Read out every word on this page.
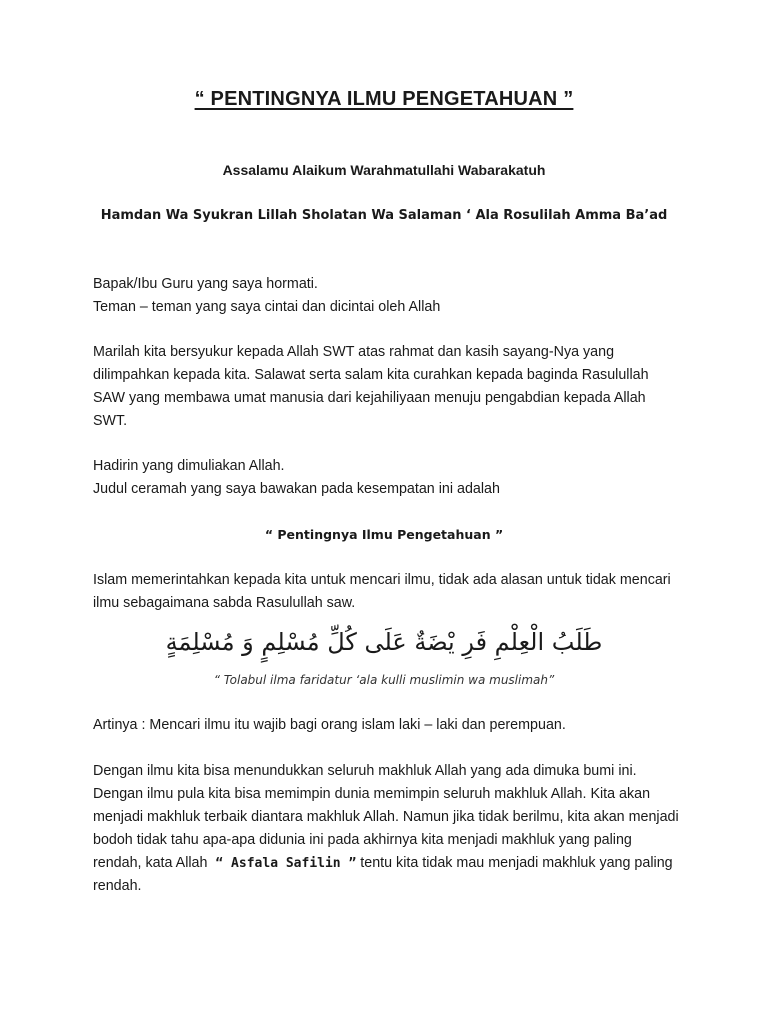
“ PENTINGNYA ILMU PENGETAHUAN ”
Assalamu Alaikum Warahmatullahi Wabarakatuh
Hamdan Wa Syukran Lillah Sholatan Wa Salaman ‘ Ala Rosulilah Amma Ba’ad
Bapak/Ibu Guru yang saya hormati.
Teman – teman yang saya cintai dan dicintai oleh Allah
Marilah kita bersyukur kepada Allah SWT atas rahmat dan kasih sayang-Nya yang
dilimpahkan kepada kita. Salawat serta salam kita curahkan kepada baginda Rasulullah
SAW yang membawa umat manusia dari kejahiliyaan menuju pengabdian kepada Allah
SWT.
Hadirin yang dimuliakan Allah.
Judul ceramah yang saya bawakan pada kesempatan ini adalah
“ Pentingnya Ilmu Pengetahuan ”
Islam memerintahkan kepada kita untuk mencari ilmu, tidak ada alasan untuk tidak mencari
ilmu sebagaimana sabda Rasulullah saw.
طَلَبُ الْعِلْمِ فَرِ يْضَةٌ عَلَى كُلِّ مُسْلِمٍ وَ مُسْلِمَةٍ
“ Tolabul ilma faridatur ‘ala kulli muslimin wa muslimah”
Artinya : Mencari ilmu itu wajib bagi orang islam laki – laki dan perempuan.
Dengan ilmu kita bisa menundukkan seluruh makhluk Allah yang ada dimuka bumi ini.
Dengan ilmu pula kita bisa memimpin dunia memimpin seluruh makhluk Allah. Kita akan
menjadi makhluk terbaik diantara makhluk Allah. Namun jika tidak berilmu, kita akan menjadi
bodoh tidak tahu apa-apa didunia ini pada akhirnya kita menjadi makhluk yang paling
rendah, kata Allah  “ Asfala Safilin ” tentu kita tidak mau menjadi makhluk yang paling
rendah.
